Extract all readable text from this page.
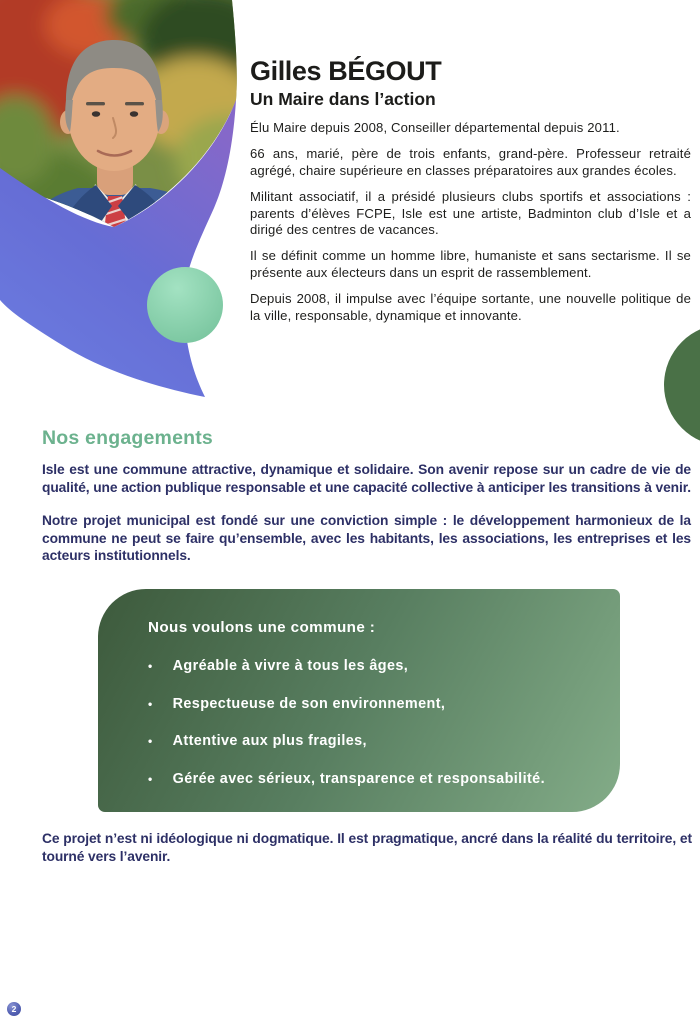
Gilles BÉGOUT
Un Maire dans l’action

Élu Maire depuis 2008, Conseiller départemental depuis 2011.

66 ans, marié, père de trois enfants, grand-père. Professeur retraité agrégé, chaire supérieure en classes préparatoires aux grandes écoles.

Militant associatif, il a présidé plusieurs clubs sportifs et associations : parents d’élèves FCPE, Isle est une artiste, Badminton club d’Isle et a dirigé des centres de vacances.

Il se définit comme un homme libre, humaniste et sans sectarisme. Il se présente aux électeurs dans un esprit de rassemblement.

Depuis 2008, il impulse avec l’équipe sortante, une nouvelle politique de la ville, responsable, dynamique et innovante.

Nos engagements

Isle est une commune attractive, dynamique et solidaire. Son avenir repose sur un cadre de vie de qualité, une action publique responsable et une capacité collective à anticiper les transitions à venir.

Notre projet municipal est fondé sur une conviction simple : le développement harmonieux de la commune ne peut se faire qu’ensemble, avec les habitants, les associations, les entreprises et les acteurs institutionnels.

Nous voulons une commune :

• Agréable à vivre à tous les âges,
• Respectueuse de son environnement,
• Attentive aux plus fragiles,
• Gérée avec sérieux, transparence et responsabilité.

Ce projet n’est ni idéologique ni dogmatique. Il est pragmatique, ancré dans la réalité du territoire, et tourné vers l’avenir.

2
